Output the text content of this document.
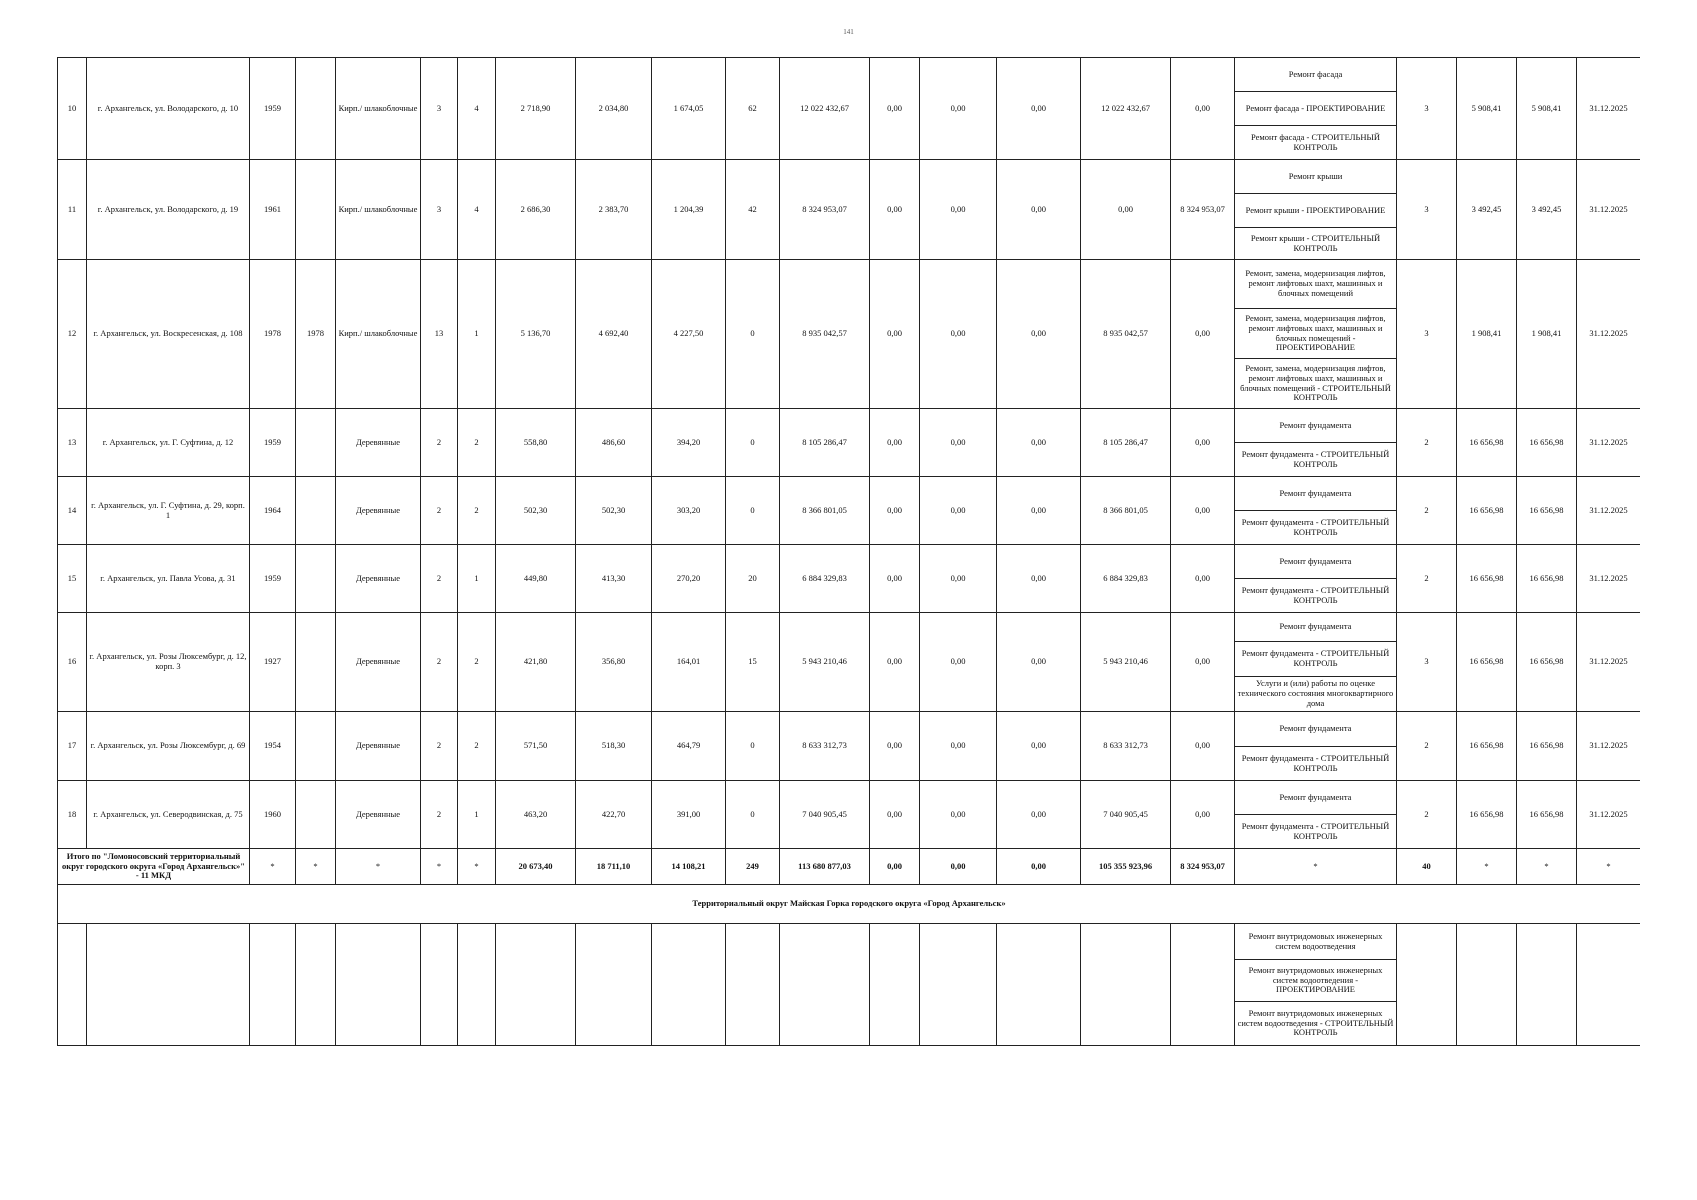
141
10	г. Архангельск, ул. Володарского, д. 10	1959		Кирп./ шлакоблочные	3	4	2 718,90	2 034,80	1 674,05	62	12 022 432,67	0,00	0,00	0,00	12 022 432,67	0,00	Ремонт фасада	3	5 908,41	5 908,41	31.12.2025
																	Ремонт фасада - ПРОЕКТИРОВАНИЕ				
																	Ремонт фасада - СТРОИТЕЛЬНЫЙ КОНТРОЛЬ				
11	г. Архангельск, ул. Володарского, д. 19	1961		Кирп./ шлакоблочные	3	4	2 686,30	2 383,70	1 204,39	42	8 324 953,07	0,00	0,00	0,00	0,00	8 324 953,07	Ремонт крыши	3	3 492,45	3 492,45	31.12.2025
																	Ремонт крыши - ПРОЕКТИРОВАНИЕ				
																	Ремонт крыши - СТРОИТЕЛЬНЫЙ КОНТРОЛЬ				
12	г. Архангельск, ул. Воскресенская, д. 108	1978	1978	Кирп./ шлакоблочные	13	1	5 136,70	4 692,40	4 227,50	0	8 935 042,57	0,00	0,00	0,00	8 935 042,57	0,00	Ремонт, замена, модернизация лифтов, ремонт лифтовых шахт, машинных и блочных помещений	3	1 908,41	1 908,41	31.12.2025
																	Ремонт, замена, модернизация лифтов, ремонт лифтовых шахт, машинных и блочных помещений - ПРОЕКТИРОВАНИЕ				
																	Ремонт, замена, модернизация лифтов, ремонт лифтовых шахт, машинных и блочных помещений - СТРОИТЕЛЬНЫЙ КОНТРОЛЬ				
13	г. Архангельск, ул. Г. Суфтина, д. 12	1959		Деревянные	2	2	558,80	486,60	394,20	0	8 105 286,47	0,00	0,00	0,00	8 105 286,47	0,00	Ремонт фундамента	2	16 656,98	16 656,98	31.12.2025
																	Ремонт фундамента - СТРОИТЕЛЬНЫЙ КОНТРОЛЬ				
14	г. Архангельск, ул. Г. Суфтина, д. 29, корп. 1	1964		Деревянные	2	2	502,30	502,30	303,20	0	8 366 801,05	0,00	0,00	0,00	8 366 801,05	0,00	Ремонт фундамента	2	16 656,98	16 656,98	31.12.2025
																	Ремонт фундамента - СТРОИТЕЛЬНЫЙ КОНТРОЛЬ				
15	г. Архангельск, ул. Павла Усова, д. 31	1959		Деревянные	2	1	449,80	413,30	270,20	20	6 884 329,83	0,00	0,00	0,00	6 884 329,83	0,00	Ремонт фундамента	2	16 656,98	16 656,98	31.12.2025
																	Ремонт фундамента - СТРОИТЕЛЬНЫЙ КОНТРОЛЬ				
16	г. Архангельск, ул. Розы Люксембург, д. 12, корп. 3	1927		Деревянные	2	2	421,80	356,80	164,01	15	5 943 210,46	0,00	0,00	0,00	5 943 210,46	0,00	Ремонт фундамента	3	16 656,98	16 656,98	31.12.2025
																	Ремонт фундамента - СТРОИТЕЛЬНЫЙ КОНТРОЛЬ				
																	Услуги и (или) работы по оценке технического состояния многоквартирного дома				
17	г. Архангельск, ул. Розы Люксембург, д. 69	1954		Деревянные	2	2	571,50	518,30	464,79	0	8 633 312,73	0,00	0,00	0,00	8 633 312,73	0,00	Ремонт фундамента	2	16 656,98	16 656,98	31.12.2025
																	Ремонт фундамента - СТРОИТЕЛЬНЫЙ КОНТРОЛЬ				
18	г. Архангельск, ул. Северодвинская, д. 75	1960		Деревянные	2	1	463,20	422,70	391,00	0	7 040 905,45	0,00	0,00	0,00	7 040 905,45	0,00	Ремонт фундамента	2	16 656,98	16 656,98	31.12.2025
																	Ремонт фундамента - СТРОИТЕЛЬНЫЙ КОНТРОЛЬ				
Итого по "Ломоносовский территориальный округ городского округа «Город Архангельск»" - 11 МКД		*	*	*	*	*	20 673,40	18 711,10	14 108,21	249	113 680 877,03	0,00	0,00	0,00	105 355 923,96	8 324 953,07	*	40	*	*	*
Территориальный округ Майская Горка городского округа «Город Архангельск»																					
																	Ремонт внутридомовых инженерных систем водоотведения				
																	Ремонт внутридомовых инженерных систем водоотведения - ПРОЕКТИРОВАНИЕ				
																	Ремонт внутридомовых инженерных систем водоотведения - СТРОИТЕЛЬНЫЙ КОНТРОЛЬ				
